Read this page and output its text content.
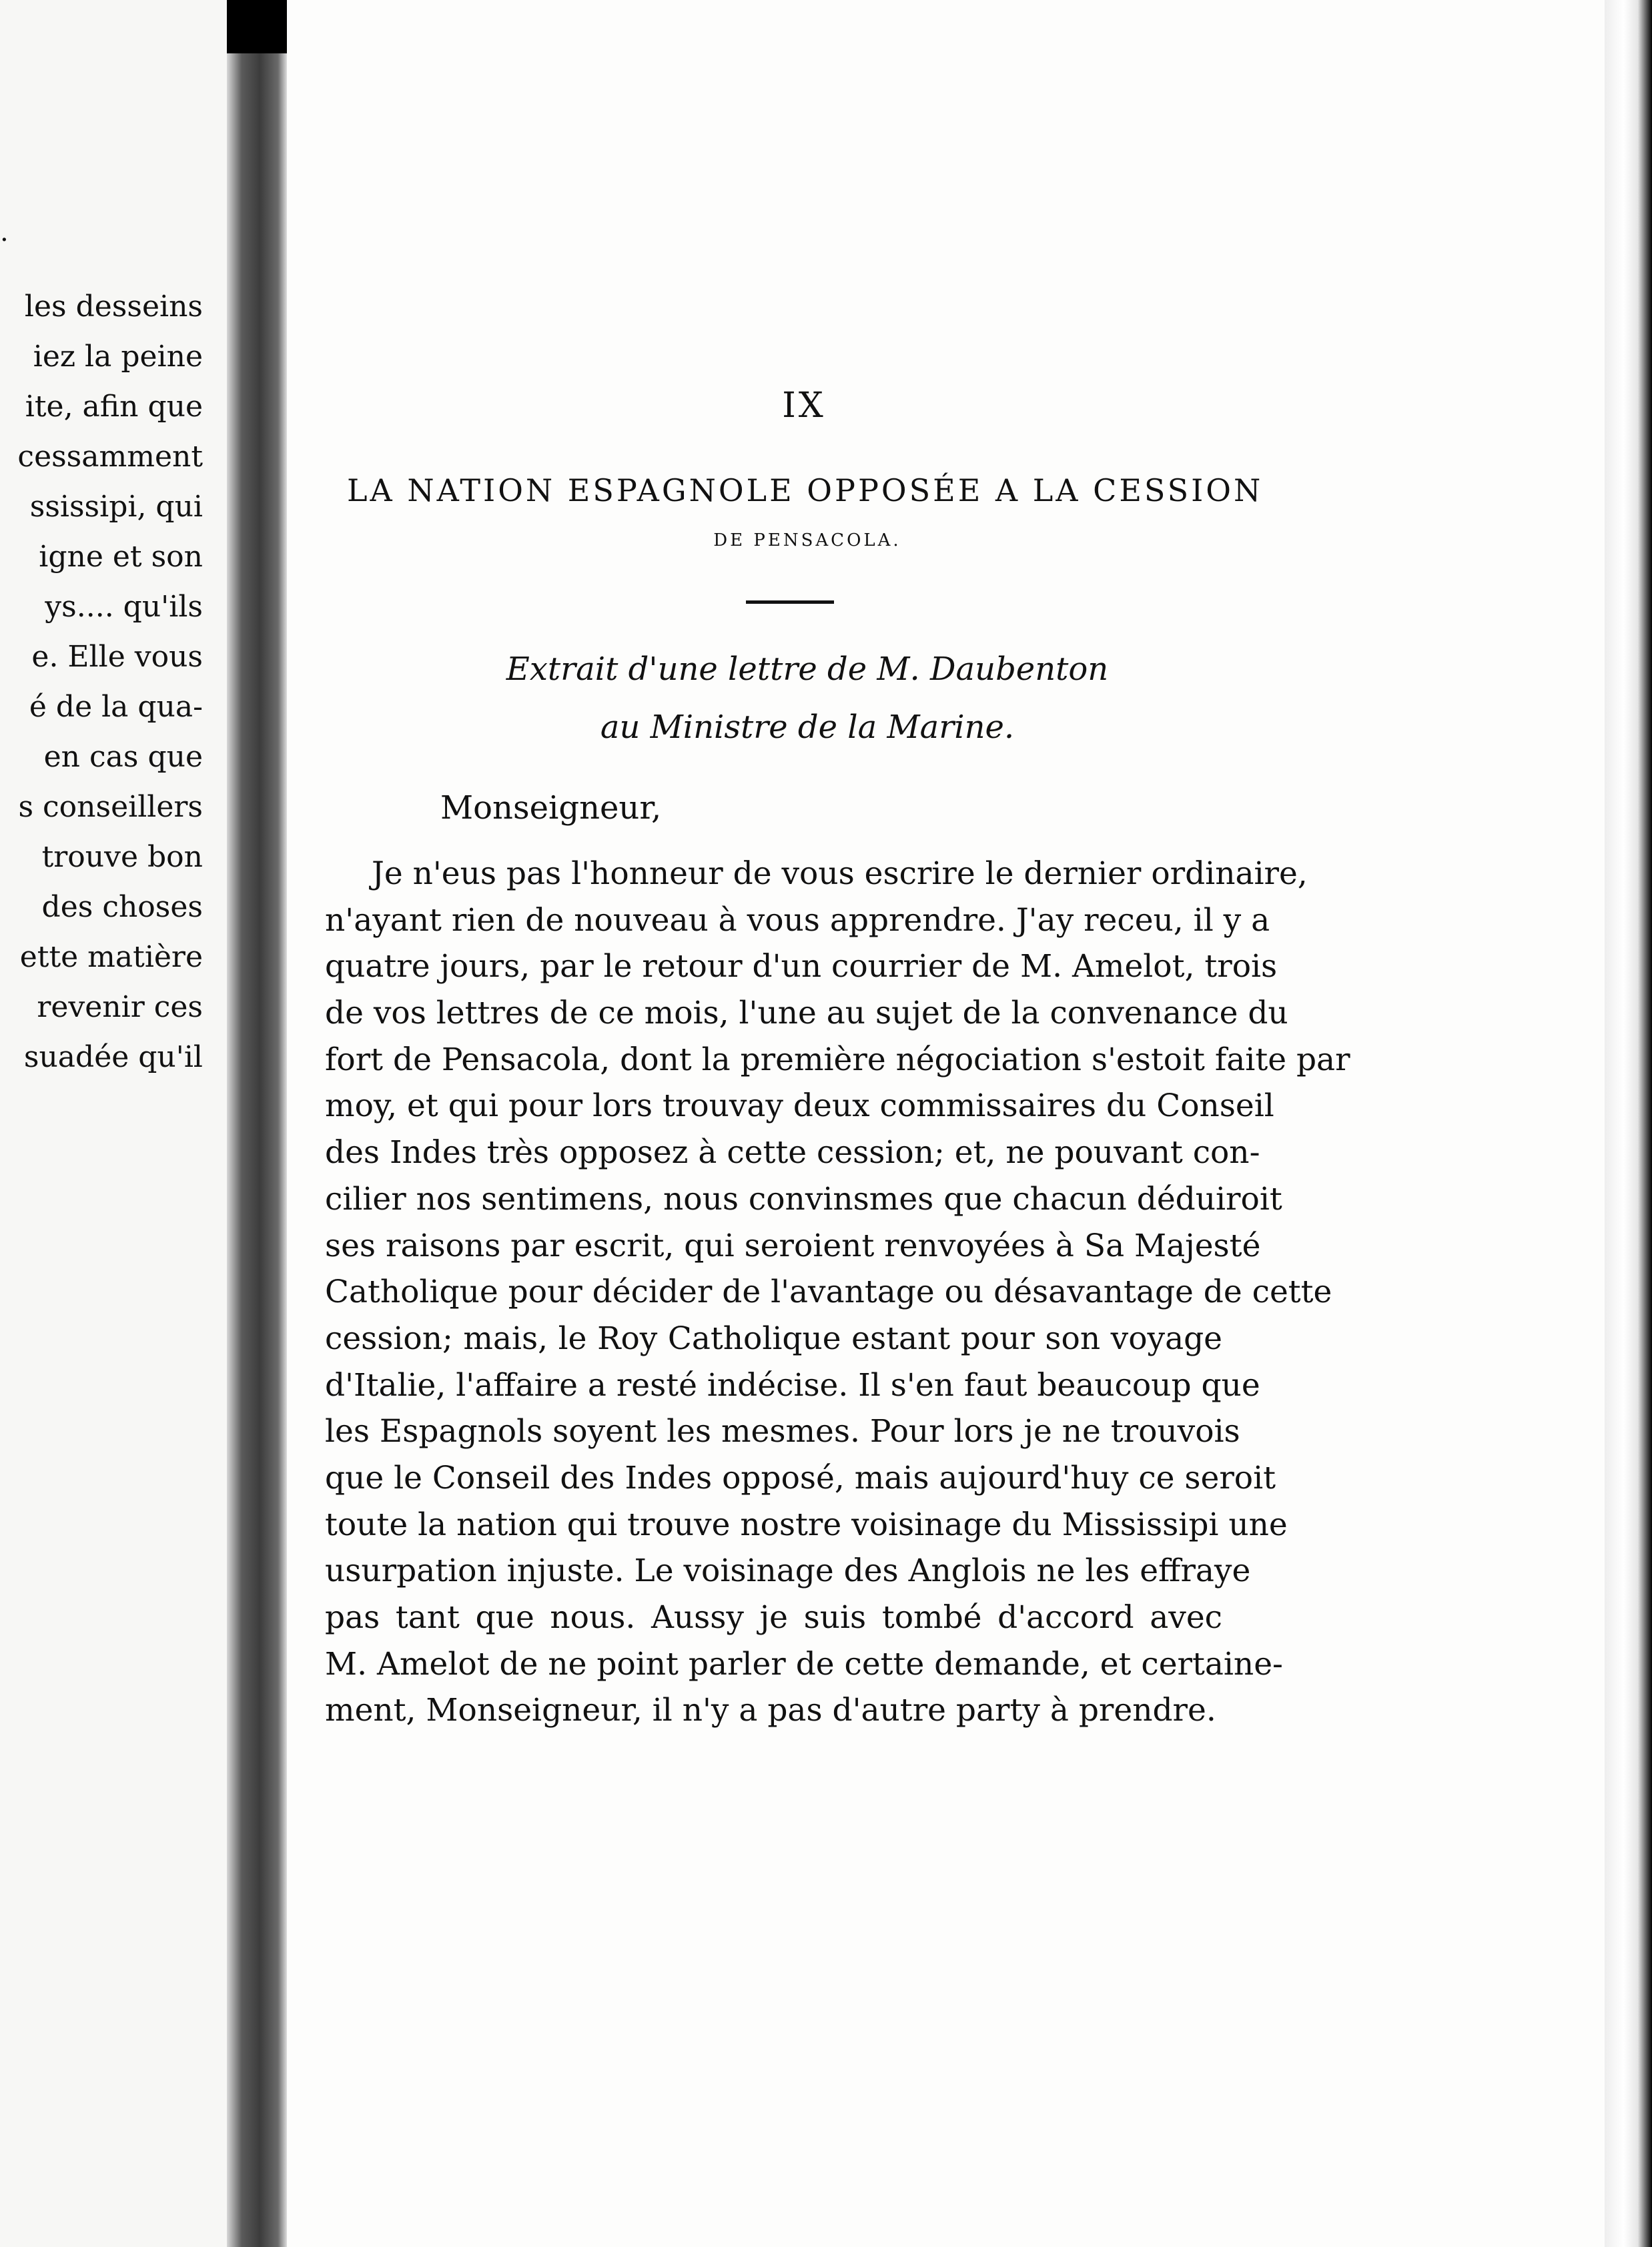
.
les desseins
iez la peine
ite, afin que
cessamment
ssissipi, qui
igne et son
ys.... qu'ils
e. Elle vous
é de la qua-
en cas que
s conseillers
trouve bon
des choses
ette matière
revenir ces
suadée qu'il
IX
LA NATION ESPAGNOLE OPPOSÉE A LA CESSION
DE PENSACOLA.
Extrait d'une lettre de M. Daubenton
au Ministre de la Marine.
Monseigneur,
Je n'eus pas l'honneur de vous escrire le dernier ordinaire,
n'ayant rien de nouveau à vous apprendre. J'ay receu, il y a
quatre jours, par le retour d'un courrier de M. Amelot, trois
de vos lettres de ce mois, l'une au sujet de la convenance du
fort de Pensacola, dont la première négociation s'estoit faite par
moy, et qui pour lors trouvay deux commissaires du Conseil
des Indes très opposez à cette cession; et, ne pouvant con-
cilier nos sentimens, nous convinsmes que chacun déduiroit
ses raisons par escrit, qui seroient renvoyées à Sa Majesté
Catholique pour décider de l'avantage ou désavantage de cette
cession; mais, le Roy Catholique estant pour son voyage
d'Italie, l'affaire a resté indécise. Il s'en faut beaucoup que
les Espagnols soyent les mesmes. Pour lors je ne trouvois
que le Conseil des Indes opposé, mais aujourd'huy ce seroit
toute la nation qui trouve nostre voisinage du Mississipi une
usurpation injuste. Le voisinage des Anglois ne les effraye
pas tant que nous. Aussy je suis tombé d'accord avec
M. Amelot de ne point parler de cette demande, et certaine-
ment, Monseigneur, il n'y a pas d'autre party à prendre.
